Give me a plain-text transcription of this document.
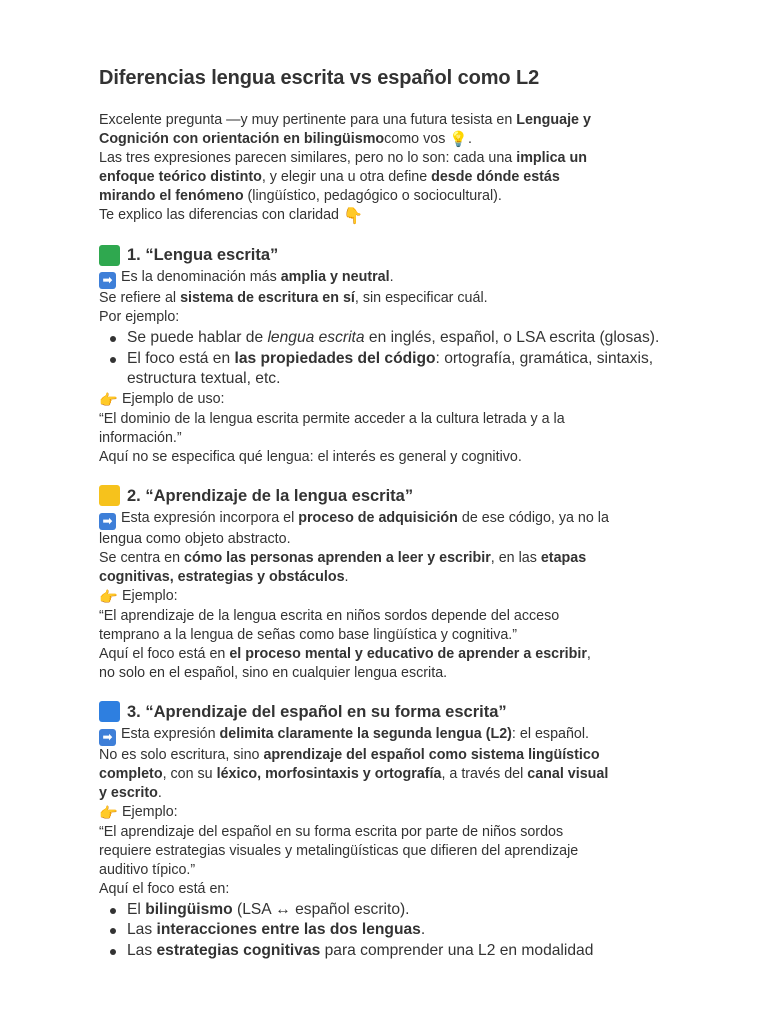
Diferencias lengua escrita vs español como L2

Excelente pregunta —y muy pertinente para una futura tesista en Lenguaje y

Cognición con orientación en bilingüismocomo vos 💡.

Las tres expresiones parecen similares, pero no lo son: cada una implica un

enfoque teórico distinto, y elegir una u otra define desde dónde estás

mirando el fenómeno (lingüístico, pedagógico o sociocultural).

Te explico las diferencias con claridad 👇

1. “Lengua escrita”

➡ Es la denominación más amplia y neutral.

Se refiere al sistema de escritura en sí, sin especificar cuál.

Por ejemplo:

Se puede hablar de lengua escrita en inglés, español, o LSA escrita (glosas).
El foco está en las propiedades del código: ortografía, gramática, sintaxis, estructura textual, etc.

👉 Ejemplo de uso:

“El dominio de la lengua escrita permite acceder a la cultura letrada y a la

información.”

Aquí no se especifica qué lengua: el interés es general y cognitivo.

2. “Aprendizaje de la lengua escrita”

➡ Esta expresión incorpora el proceso de adquisición de ese código, ya no la

lengua como objeto abstracto.

Se centra en cómo las personas aprenden a leer y escribir, en las etapas

cognitivas, estrategias y obstáculos.

👉 Ejemplo:

“El aprendizaje de la lengua escrita en niños sordos depende del acceso

temprano a la lengua de señas como base lingüística y cognitiva.”

Aquí el foco está en el proceso mental y educativo de aprender a escribir,

no solo en el español, sino en cualquier lengua escrita.

3. “Aprendizaje del español en su forma escrita”

➡ Esta expresión delimita claramente la segunda lengua (L2): el español.

No es solo escritura, sino aprendizaje del español como sistema lingüístico

completo, con su léxico, morfosintaxis y ortografía, a través del canal visual

y escrito.

👉 Ejemplo:

“El aprendizaje del español en su forma escrita por parte de niños sordos

requiere estrategias visuales y metalingüísticas que difieren del aprendizaje

auditivo típico.”

Aquí el foco está en:

El bilingüismo (LSA ↔ español escrito).
Las interacciones entre las dos lenguas.
Las estrategias cognitivas para comprender una L2 en modalidad
